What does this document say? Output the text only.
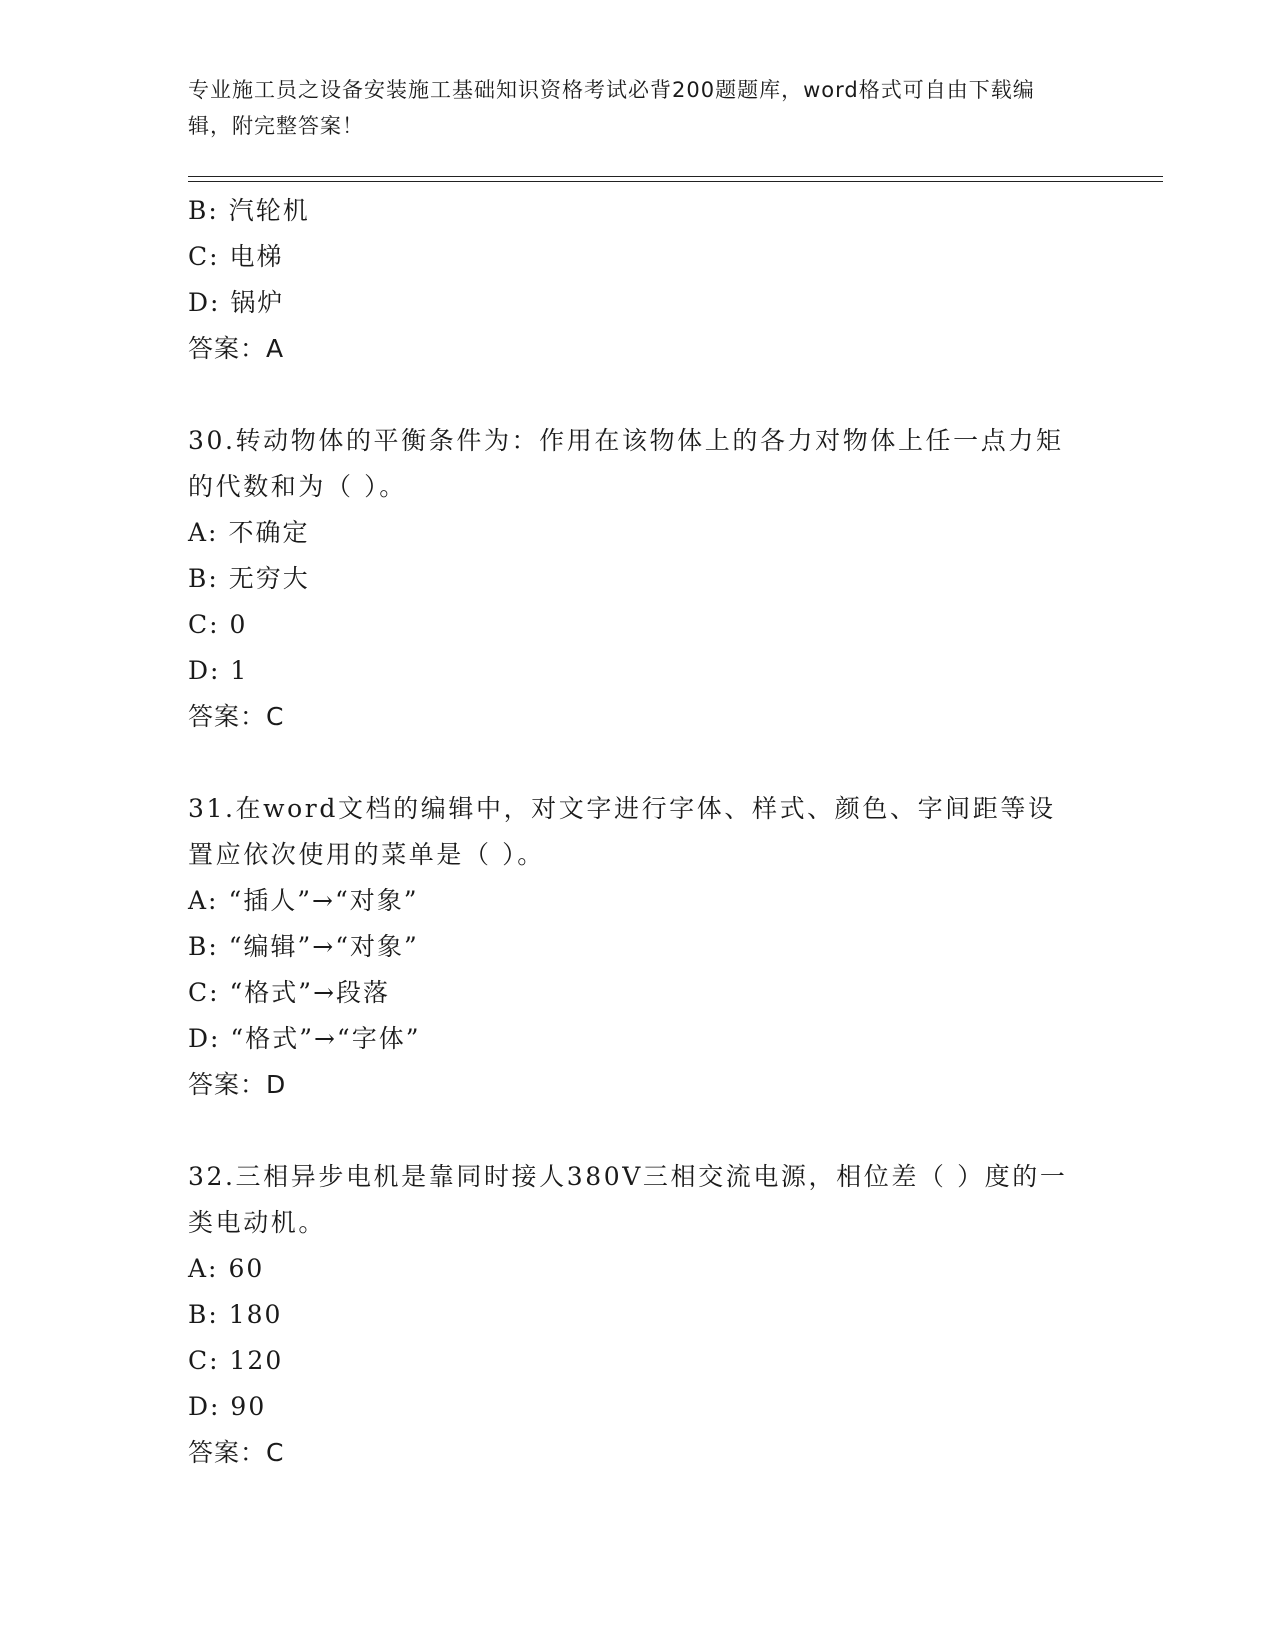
专业施工员之设备安装施工基础知识资格考试必背200题题库，word格式可自由下载编辑，附完整答案！
B: 汽轮机
C: 电梯
D: 锅炉
答案：A
30.转动物体的平衡条件为：作用在该物体上的各力对物体上任一点力矩的代数和为（ ）。
A: 不确定
B: 无穷大
C: 0
D: 1
答案：C
31.在word文档的编辑中，对文字进行字体、样式、颜色、字间距等设置应依次使用的菜单是（ ）。
A: “插人”→“对象”
B: “编辑”→“对象”
C: “格式”→段落
D: “格式”→“字体”
答案：D
32.三相异步电机是靠同时接人380V三相交流电源，相位差（ ）度的一类电动机。
A: 60
B: 180
C: 120
D: 90
答案：C
